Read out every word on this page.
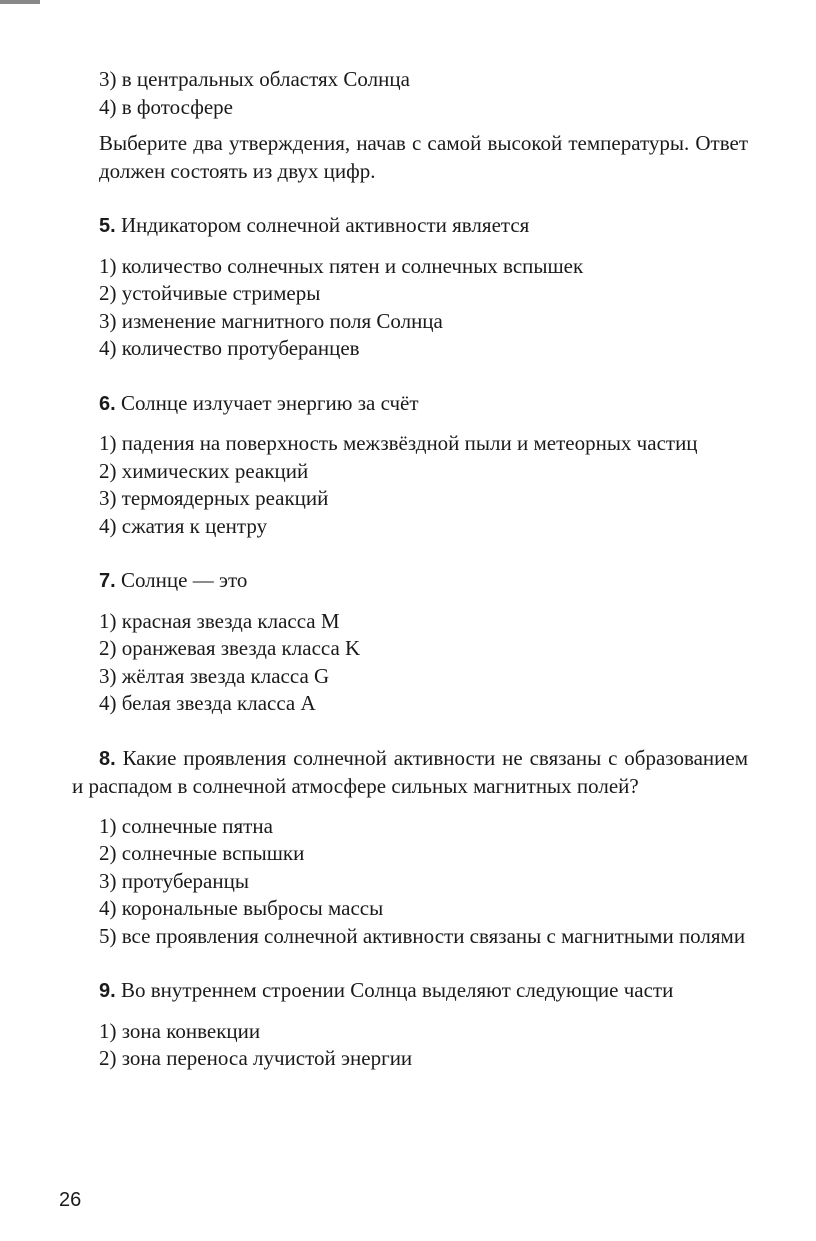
3) в центральных областях Солнца
4) в фотосфере
Выберите два утверждения, начав с самой высокой температуры. Ответ должен состоять из двух цифр.
5. Индикатором солнечной активности является
1) количество солнечных пятен и солнечных вспышек
2) устойчивые стримеры
3) изменение магнитного поля Солнца
4) количество протуберанцев
6. Солнце излучает энергию за счёт
1) падения на поверхность межзвёздной пыли и метеорных частиц
2) химических реакций
3) термоядерных реакций
4) сжатия к центру
7. Солнце — это
1) красная звезда класса M
2) оранжевая звезда класса K
3) жёлтая звезда класса G
4) белая звезда класса A
8. Какие проявления солнечной активности не связаны с образованием и распадом в солнечной атмосфере сильных магнитных полей?
1) солнечные пятна
2) солнечные вспышки
3) протуберанцы
4) корональные выбросы массы
5) все проявления солнечной активности связаны с магнитными полями
9. Во внутреннем строении Солнца выделяют следующие части
1) зона конвекции
2) зона переноса лучистой энергии
26
